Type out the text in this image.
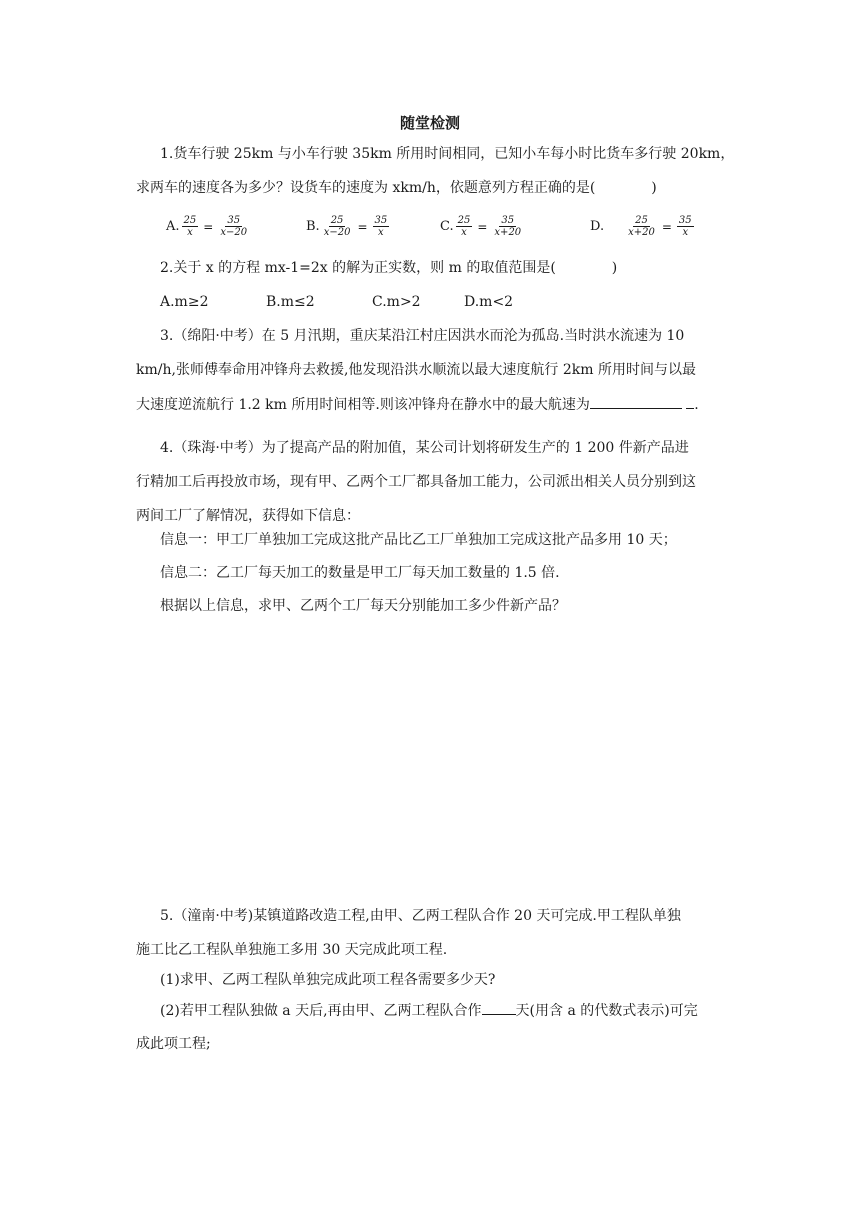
随堂检测
1.货车行驶 25km 与小车行驶 35km 所用时间相同，已知小车每小时比货车多行驶 20km，
求两车的速度各为多少？设货车的速度为 xkm/h，依题意列方程正确的是(　　　　)
A. $\frac{25}{x} = \frac{35}{x-20}$	B. $\frac{25}{x-20} = \frac{35}{x}$	C. $\frac{25}{x} = \frac{35}{x+20}$	D. $\frac{25}{x+20} = \frac{35}{x}$
2.关于 x 的方程 mx-1=2x 的解为正实数，则 m 的取值范围是(　　　　)
A.m≥2	B.m≤2	C.m>2	D.m<2
3.（绵阳·中考）在 5 月汛期，重庆某沿江村庄因洪水而沦为孤岛.当时洪水流速为 10
km/h,张师傅奉命用冲锋舟去救援,他发现沿洪水顺流以最大速度航行 2km 所用时间与以最
大速度逆流航行 1.2 km 所用时间相等.则该冲锋舟在静水中的最大航速为	.
4.（珠海·中考）为了提高产品的附加值，某公司计划将研发生产的 1 200 件新产品进
行精加工后再投放市场，现有甲、乙两个工厂都具备加工能力，公司派出相关人员分别到这
两间工厂了解情况，获得如下信息：
信息一：甲工厂单独加工完成这批产品比乙工厂单独加工完成这批产品多用 10 天；
信息二：乙工厂每天加工的数量是甲工厂每天加工数量的 1.5 倍.
根据以上信息，求甲、乙两个工厂每天分别能加工多少件新产品？
5.（潼南·中考)某镇道路改造工程,由甲、乙两工程队合作 20 天可完成.甲工程队单独
施工比乙工程队单独施工多用 30 天完成此项工程.
(1)求甲、乙两工程队单独完成此项工程各需要多少天?
(2)若甲工程队独做 a 天后,再由甲、乙两工程队合作 天(用含 a 的代数式表示)可完
成此项工程;
